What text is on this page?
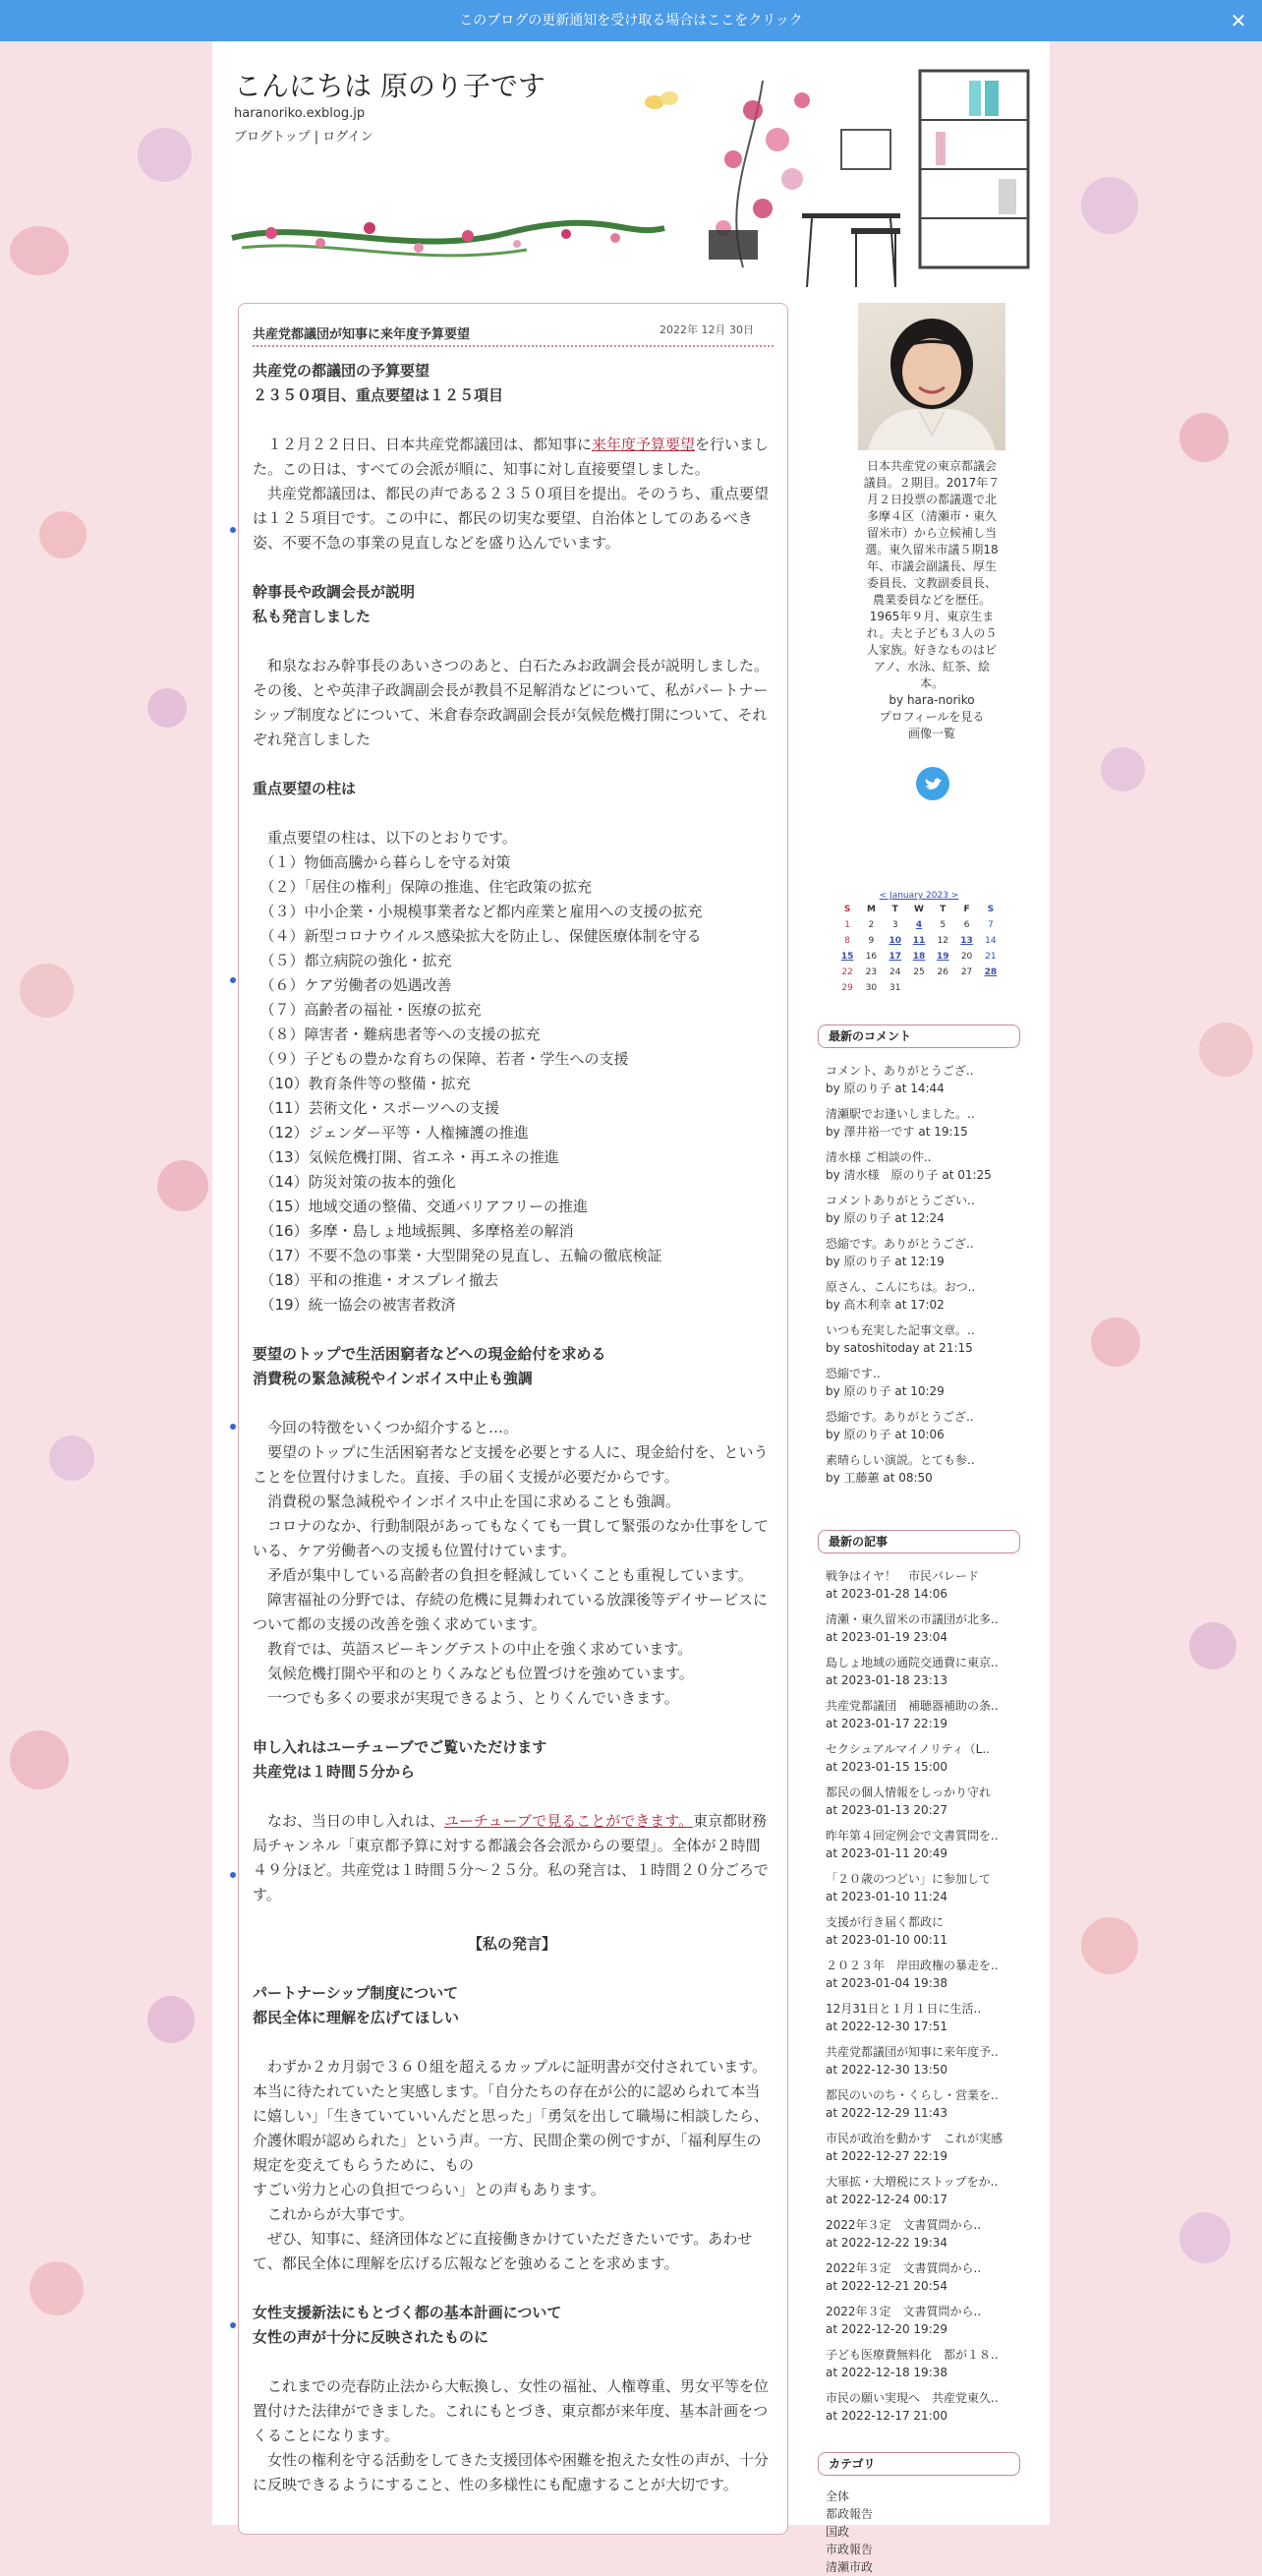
このブログの更新通知を受け取る場合はここをクリック	✕
こんにちは 原のり子です
haranoriko.exblog.jp
ブログトップ | ログイン
共産党都議団が知事に来年度予算要望	2022年 12月 30日

共産党の都議団の予算要望

２３５０項目、重点要望は１２５項目

　１２月２２日日、日本共産党都議団は、都知事に来年度予算要望を行いました。この日は、すべての会派が順に、知事に対し直接要望しました。

　共産党都議団は、都民の声である２３５０項目を提出。そのうち、重点要望は１２５項目です。この中に、都民の切実な要望、自治体としてのあるべき姿、不要不急の事業の見直しなどを盛り込んでいます。

幹事長や政調会長が説明

私も発言しました

　和泉なおみ幹事長のあいさつのあと、白石たみお政調会長が説明しました。その後、とや英津子政調副会長が教員不足解消などについて、私がパートナーシップ制度などについて、米倉春奈政調副会長が気候危機打開について、それぞれ発言しました

重点要望の柱は

　重点要望の柱は、以下のとおりです。

　（１）物価高騰から暮らしを守る対策

　（２）「居住の権利」保障の推進、住宅政策の拡充

　（３）中小企業・小規模事業者など都内産業と雇用への支援の拡充

　（４）新型コロナウイルス感染拡大を防止し、保健医療体制を守る

　（５）都立病院の強化・拡充

　（６）ケア労働者の処遇改善

　（７）高齢者の福祉・医療の拡充

　（８）障害者・難病患者等への支援の拡充

　（９）子どもの豊かな育ちの保障、若者・学生への支援

　（10）教育条件等の整備・拡充

　（11）芸術文化・スポーツへの支援

　（12）ジェンダー平等・人権擁護の推進

　（13）気候危機打開、省エネ・再エネの推進

　（14）防災対策の抜本的強化

　（15）地域交通の整備、交通バリアフリーの推進

　（16）多摩・島しょ地域振興、多摩格差の解消

　（17）不要不急の事業・大型開発の見直し、五輪の徹底検証

　（18）平和の推進・オスプレイ撤去

　（19）統一協会の被害者救済

要望のトップで生活困窮者などへの現金給付を求める

消費税の緊急減税やインボイス中止も強調

　今回の特徴をいくつか紹介すると…。

　要望のトップに生活困窮者など支援を必要とする人に、現金給付を、ということを位置付けました。直接、手の届く支援が必要だからです。

　消費税の緊急減税やインボイス中止を国に求めることも強調。

　コロナのなか、行動制限があってもなくても一貫して緊張のなか仕事をしている、ケア労働者への支援も位置付けています。

　矛盾が集中している高齢者の負担を軽減していくことも重視しています。

　障害福祉の分野では、存続の危機に見舞われている放課後等デイサービスについて都の支援の改善を強く求めています。

　教育では、英語スピーキングテストの中止を強く求めています。

　気候危機打開や平和のとりくみなども位置づけを強めています。

　一つでも多くの要求が実現できるよう、とりくんでいきます。

申し入れはユーチューブでご覧いただけます

共産党は１時間５分から

　なお、当日の申し入れは、ユーチューブで見ることができます。東京都財務局チャンネル「東京都予算に対する都議会各会派からの要望」。全体が２時間４９分ほど。共産党は１時間５分～２５分。私の発言は、１時間２０分ごろです。

【私の発言】

パートナーシップ制度について

都民全体に理解を広げてほしい

　わずか２カ月弱で３６０組を超えるカップルに証明書が交付されています。本当に待たれていたと実感します。「自分たちの存在が公的に認められて本当に嬉しい」「生きていていいんだと思った」「勇気を出して職場に相談したら、介護休暇が認められた」という声。一方、民間企業の例ですが、「福利厚生の規定を変えてもらうために、もの

すごい労力と心の負担でつらい」との声もあります。

　これからが大事です。

　ぜひ、知事に、経済団体などに直接働きかけていただきたいです。あわせて、都民全体に理解を広げる広報などを強めることを求めます。

女性支援新法にもとづく都の基本計画について

女性の声が十分に反映されたものに

　これまでの売春防止法から大転換し、女性の福祉、人権尊重、男女平等を位置付けた法律ができました。これにもとづき、東京都が来年度、基本計画をつくることになります。

　女性の権利を守る活動をしてきた支援団体や困難を抱えた女性の声が、十分に反映できるようにすること、性の多様性にも配慮することが大切です。

日本共産党の東京都議会
議員。２期目。2017年７
月２日投票の都議選で北
多摩４区（清瀬市・東久
留米市）から立候補し当
選。東久留米市議５期18
年、市議会副議長、厚生
委員長、文教副委員長、
農業委員などを歴任。
1965年９月、東京生ま
れ。夫と子ども３人の５
人家族。好きなものはピ
アノ、水泳、紅茶、絵
本。
by hara-noriko
プロフィールを見る
画像一覧
< January 2023 >
S	M	T	W	T	F	S
1	2	3	4	5	6	7
8	9	10	11	12	13	14
15	16	17	18	19	20	21
22	23	24	25	26	27	28
29	30	31
最新のコメント
コメント、ありがとうござ..
by 原のり子 at 14:44
清瀬駅でお逢いしました。..
by 澤井裕一です at 19:15
清水様 ご相談の件..
by 清水様　原のり子 at 01:25
コメントありがとうござい..
by 原のり子 at 12:24
恐縮です。ありがとうござ..
by 原のり子 at 12:19
原さん、こんにちは。おつ..
by 高木利幸 at 17:02
いつも充実した記事文章。..
by satoshitoday at 21:15
恐縮です..
by 原のり子 at 10:29
恐縮です。ありがとうござ..
by 原のり子 at 10:06
素晴らしい演説。とても参..
by 工藤蕙 at 08:50
最新の記事
戦争はイヤ！　市民パレード
at 2023-01-28 14:06
清瀬・東久留米の市議団が北多..
at 2023-01-19 23:04
島しょ地域の通院交通費に東京..
at 2023-01-18 23:13
共産党都議団　補聴器補助の条..
at 2023-01-17 22:19
セクシュアルマイノリティ（L..
at 2023-01-15 15:00
都民の個人情報をしっかり守れ
at 2023-01-13 20:27
昨年第４回定例会で文書質問を..
at 2023-01-11 20:49
「２０歳のつどい」に参加して
at 2023-01-10 11:24
支援が行き届く都政に
at 2023-01-10 00:11
２０２３年　岸田政権の暴走を..
at 2023-01-04 19:38
12月31日と１月１日に生活..
at 2022-12-30 17:51
共産党都議団が知事に来年度予..
at 2022-12-30 13:50
都民のいのち・くらし・営業を..
at 2022-12-29 11:43
市民が政治を動かす　これが実感
at 2022-12-27 22:19
大軍拡・大増税にストップをか..
at 2022-12-24 00:17
2022年３定　文書質問から..
at 2022-12-22 19:34
2022年３定　文書質問から..
at 2022-12-21 20:54
2022年３定　文書質問から..
at 2022-12-20 19:29
子ども医療費無料化　都が１８..
at 2022-12-18 19:38
市民の願い実現へ　共産党東久..
at 2022-12-17 21:00
カテゴリ
全体
都政報告
国政
市政報告
清瀬市政
